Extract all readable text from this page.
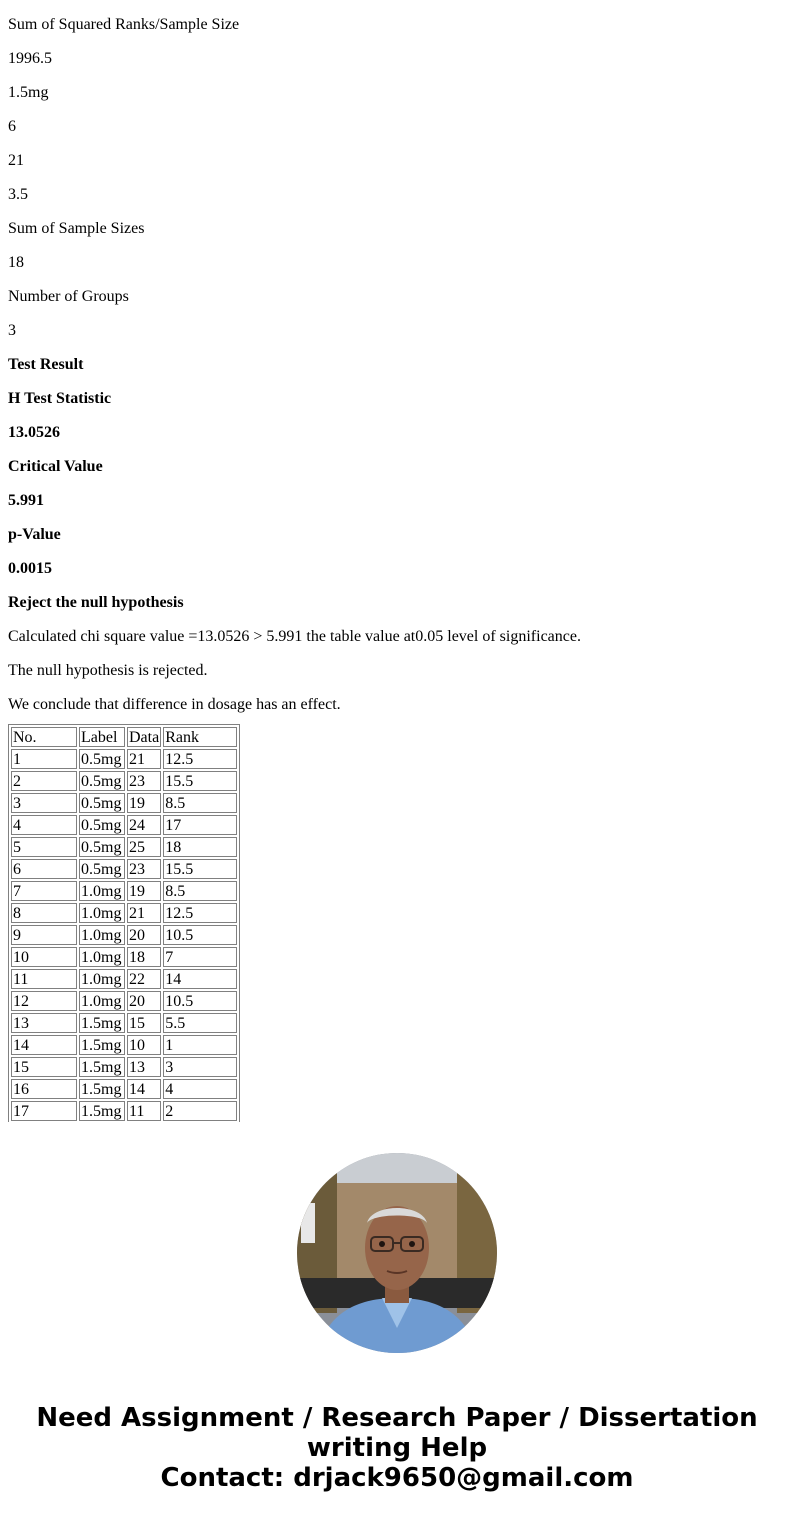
Sum of Squared Ranks/Sample Size

1996.5

1.5mg

6

21

3.5

Sum of Sample Sizes

18

Number of Groups

3

Test Result

H Test Statistic

13.0526

Critical Value

5.991

p-Value

0.0015

Reject the null hypothesis

Calculated chi square value =13.0526 > 5.991 the table value at0.05 level of significance.

The null hypothesis is rejected.

We conclude that difference in dosage has an effect.

No.	Label	Data	Rank
1	0.5mg	21	12.5
2	0.5mg	23	15.5
3	0.5mg	19	8.5
4	0.5mg	24	17
5	0.5mg	25	18
6	0.5mg	23	15.5
7	1.0mg	19	8.5
8	1.0mg	21	12.5
9	1.0mg	20	10.5
10	1.0mg	18	7
11	1.0mg	22	14
12	1.0mg	20	10.5
13	1.5mg	15	5.5
14	1.5mg	10	1
15	1.5mg	13	3
16	1.5mg	14	4
17	1.5mg	11	2
Need Assignment / Research Paper / Dissertation
writing Help
Contact: drjack9650@gmail.com
